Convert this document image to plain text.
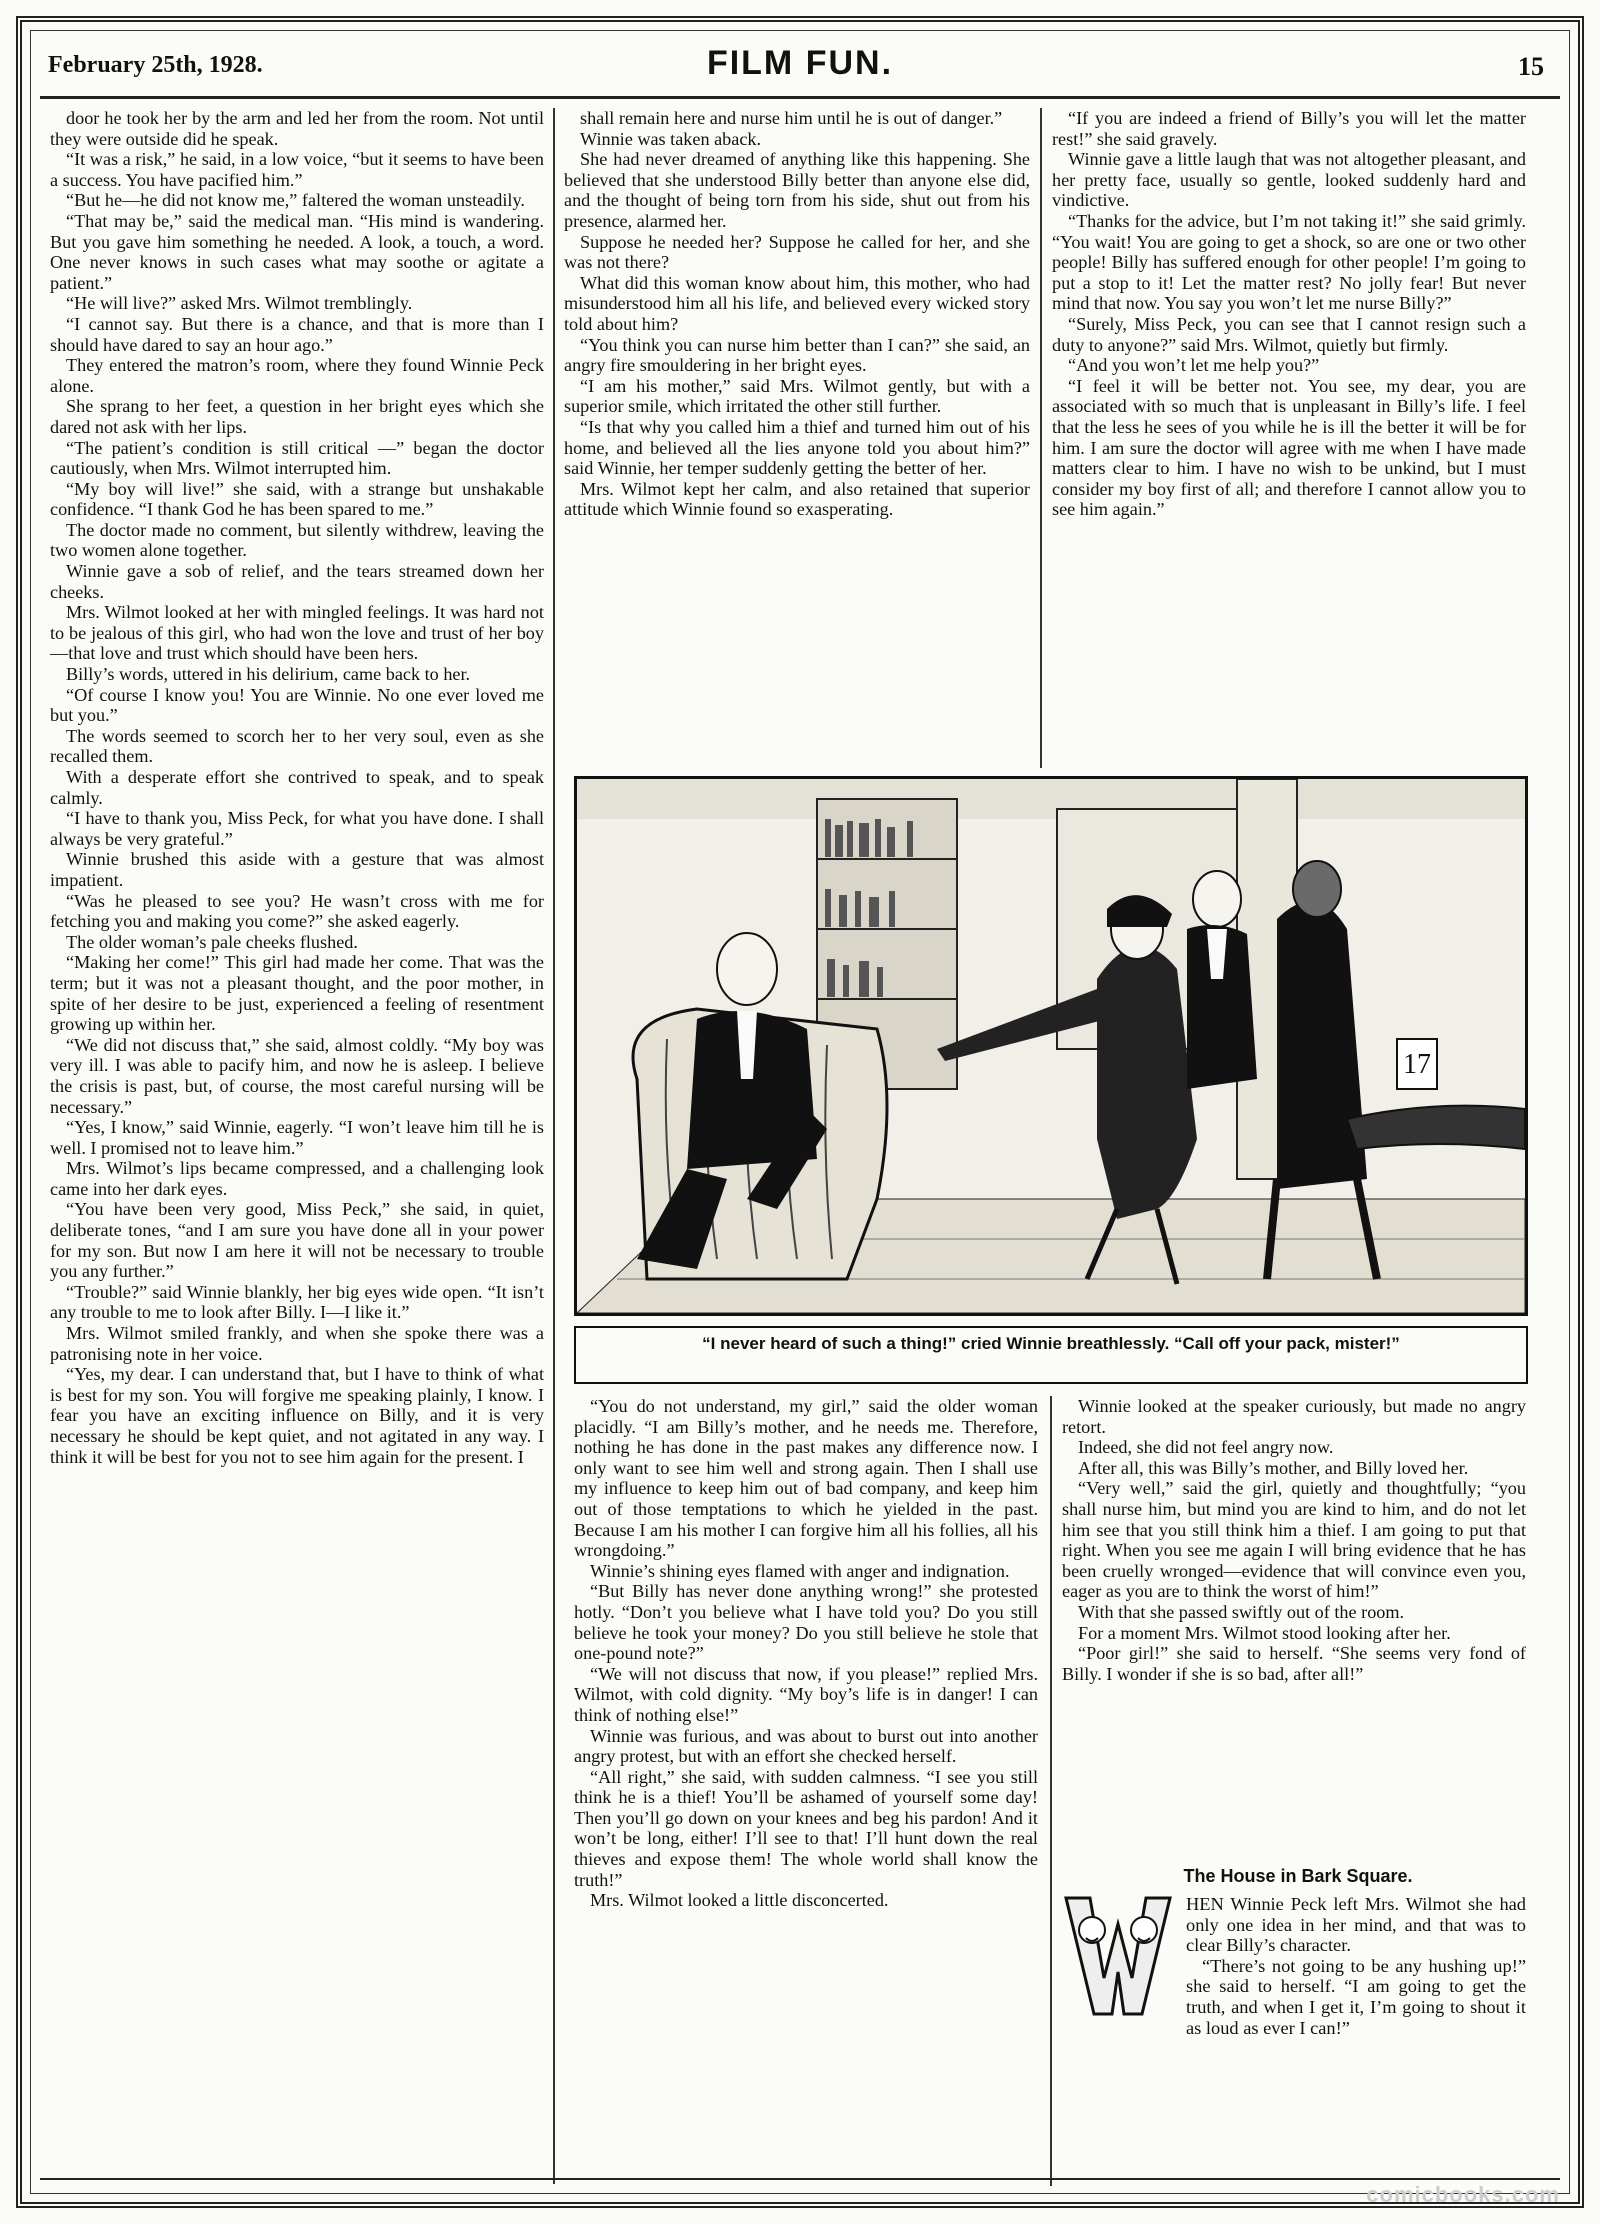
February 25th, 1928.	FILM FUN.	15

door he took her by the arm and led her from the room. Not until they were outside did he speak.

“It was a risk,” he said, in a low voice, “but it seems to have been a success. You have pacified him.”

“But he—he did not know me,” faltered the woman unsteadily.

“That may be,” said the medical man. “His mind is wandering. But you gave him something he needed. A look, a touch, a word. One never knows in such cases what may soothe or agitate a patient.”

“He will live?” asked Mrs. Wilmot tremblingly.

“I cannot say. But there is a chance, and that is more than I should have dared to say an hour ago.”

They entered the matron’s room, where they found Winnie Peck alone.

She sprang to her feet, a question in her bright eyes which she dared not ask with her lips.

“The patient’s condition is still critical —” began the doctor cautiously, when Mrs. Wilmot interrupted him.

“My boy will live!” she said, with a strange but unshakable confidence. “I thank God he has been spared to me.”

The doctor made no comment, but silently withdrew, leaving the two women alone together.

Winnie gave a sob of relief, and the tears streamed down her cheeks.

Mrs. Wilmot looked at her with mingled feelings. It was hard not to be jealous of this girl, who had won the love and trust of her boy—that love and trust which should have been hers.

Billy’s words, uttered in his delirium, came back to her.

“Of course I know you! You are Winnie. No one ever loved me but you.”

The words seemed to scorch her to her very soul, even as she recalled them.

With a desperate effort she contrived to speak, and to speak calmly.

“I have to thank you, Miss Peck, for what you have done. I shall always be very grateful.”

Winnie brushed this aside with a gesture that was almost impatient.

“Was he pleased to see you? He wasn’t cross with me for fetching you and making you come?” she asked eagerly.

The older woman’s pale cheeks flushed.

“Making her come!” This girl had made her come. That was the term; but it was not a pleasant thought, and the poor mother, in spite of her desire to be just, experienced a feeling of resentment growing up within her.

“We did not discuss that,” she said, almost coldly. “My boy was very ill. I was able to pacify him, and now he is asleep. I believe the crisis is past, but, of course, the most careful nursing will be necessary.”

“Yes, I know,” said Winnie, eagerly. “I won’t leave him till he is well. I promised not to leave him.”

Mrs. Wilmot’s lips became compressed, and a challenging look came into her dark eyes.

“You have been very good, Miss Peck,” she said, in quiet, deliberate tones, “and I am sure you have done all in your power for my son. But now I am here it will not be necessary to trouble you any further.”

“Trouble?” said Winnie blankly, her big eyes wide open. “It isn’t any trouble to me to look after Billy. I—I like it.”

Mrs. Wilmot smiled frankly, and when she spoke there was a patronising note in her voice.

“Yes, my dear. I can understand that, but I have to think of what is best for my son. You will forgive me speaking plainly, I know. I fear you have an exciting influence on Billy, and it is very necessary he should be kept quiet, and not agitated in any way. I think it will be best for you not to see him again for the present. I

shall remain here and nurse him until he is out of danger.”

Winnie was taken aback.

She had never dreamed of anything like this happening. She believed that she understood Billy better than anyone else did, and the thought of being torn from his side, shut out from his presence, alarmed her.

Suppose he needed her? Suppose he called for her, and she was not there?

What did this woman know about him, this mother, who had misunderstood him all his life, and believed every wicked story told about him?

“You think you can nurse him better than I can?” she said, an angry fire smouldering in her bright eyes.

“I am his mother,” said Mrs. Wilmot gently, but with a superior smile, which irritated the other still further.

“Is that why you called him a thief and turned him out of his home, and believed all the lies anyone told you about him?” said Winnie, her temper suddenly getting the better of her.

Mrs. Wilmot kept her calm, and also retained that superior attitude which Winnie found so exasperating.

“If you are indeed a friend of Billy’s you will let the matter rest!” she said gravely.

Winnie gave a little laugh that was not altogether pleasant, and her pretty face, usually so gentle, looked suddenly hard and vindictive.

“Thanks for the advice, but I’m not taking it!” she said grimly. “You wait! You are going to get a shock, so are one or two other people! Billy has suffered enough for other people! I’m going to put a stop to it! Let the matter rest? No jolly fear! But never mind that now. You say you won’t let me nurse Billy?”

“Surely, Miss Peck, you can see that I cannot resign such a duty to anyone?” said Mrs. Wilmot, quietly but firmly.

“And you won’t let me help you?”

“I feel it will be better not. You see, my dear, you are associated with so much that is unpleasant in Billy’s life. I feel that the less he sees of you while he is ill the better it will be for him. I am sure the doctor will agree with me when I have made matters clear to him. I have no wish to be unkind, but I must consider my boy first of all; and therefore I cannot allow you to see him again.”

17
“I never heard of such a thing!” cried Winnie breathlessly. “Call off your pack, mister!”

“You do not understand, my girl,” said the older woman placidly. “I am Billy’s mother, and he needs me. Therefore, nothing he has done in the past makes any difference now. I only want to see him well and strong again. Then I shall use my influence to keep him out of bad company, and keep him out of those temptations to which he yielded in the past. Because I am his mother I can forgive him all his follies, all his wrongdoing.”

Winnie’s shining eyes flamed with anger and indignation.

“But Billy has never done anything wrong!” she protested hotly. “Don’t you believe what I have told you? Do you still believe he took your money? Do you still believe he stole that one-pound note?”

“We will not discuss that now, if you please!” replied Mrs. Wilmot, with cold dignity. “My boy’s life is in danger! I can think of nothing else!”

Winnie was furious, and was about to burst out into another angry protest, but with an effort she checked herself.

“All right,” she said, with sudden calmness. “I see you still think he is a thief! You’ll be ashamed of yourself some day! Then you’ll go down on your knees and beg his pardon! And it won’t be long, either! I’ll see to that! I’ll hunt down the real thieves and expose them! The whole world shall know the truth!”

Mrs. Wilmot looked a little disconcerted.

Winnie looked at the speaker curiously, but made no angry retort.

Indeed, she did not feel angry now.

After all, this was Billy’s mother, and Billy loved her.

“Very well,” said the girl, quietly and thoughtfully; “you shall nurse him, but mind you are kind to him, and do not let him see that you still think him a thief. I am going to put that right. When you see me again I will bring evidence that he has been cruelly wronged—evidence that will convince even you, eager as you are to think the worst of him!”

With that she passed swiftly out of the room.

For a moment Mrs. Wilmot stood looking after her.

“Poor girl!” she said to herself. “She seems very fond of Billy. I wonder if she is so bad, after all!”

The House in Bark Square.

HEN Winnie Peck left Mrs. Wilmot she had only one idea in her mind, and that was to clear Billy’s character.

“There’s not going to be any hushing up!” she said to herself. “I am going to get the truth, and when I get it, I’m going to shout it as loud as ever I can!”

comicbooks.com
